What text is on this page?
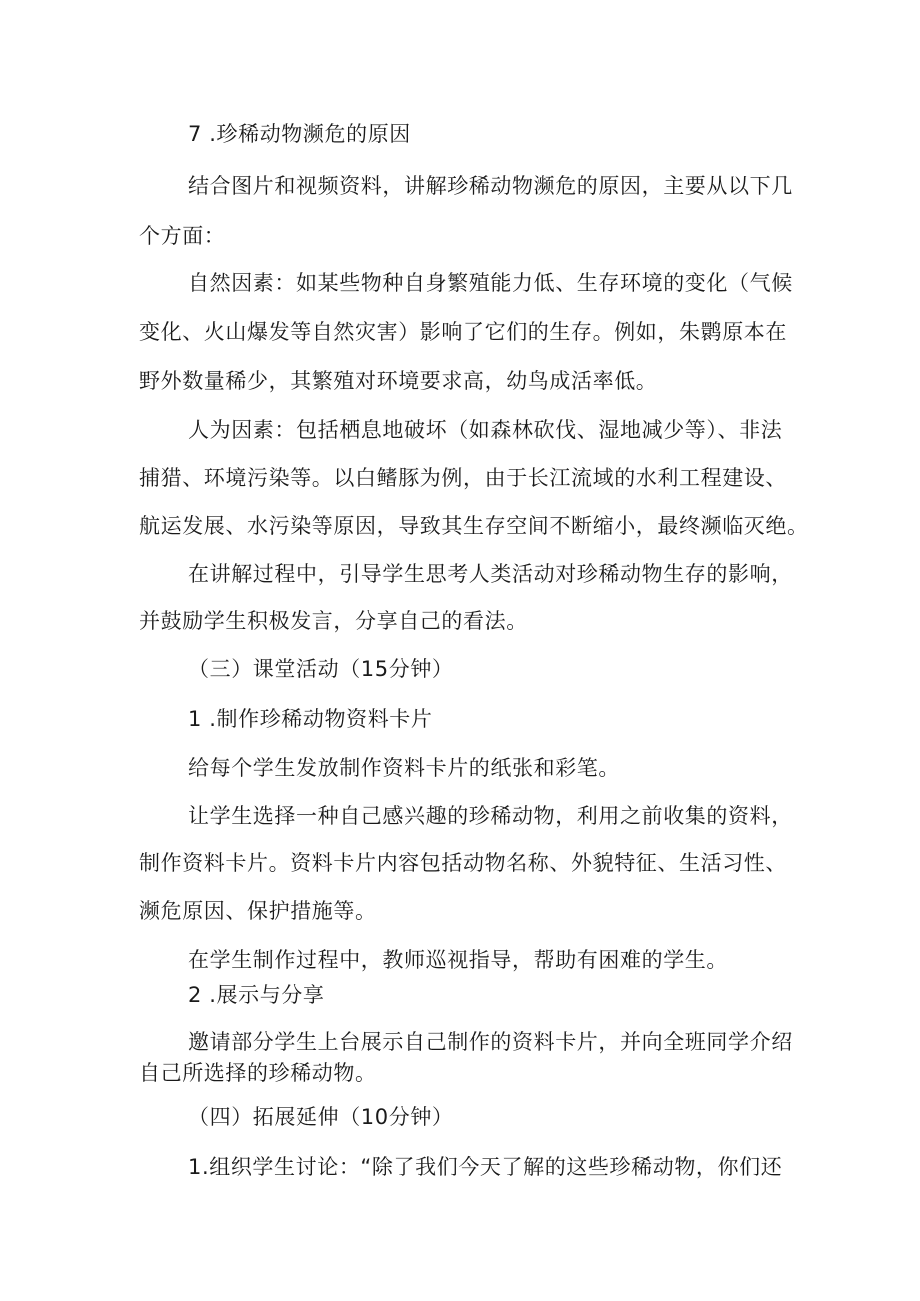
7 .珍稀动物濒危的原因
结合图片和视频资料，讲解珍稀动物濒危的原因，主要从以下几
个方面：
自然因素：如某些物种自身繁殖能力低、生存环境的变化（气候
变化、火山爆发等自然灾害）影响了它们的生存。例如，朱鹮原本在
野外数量稀少，其繁殖对环境要求高，幼鸟成活率低。
人为因素：包括栖息地破坏（如森林砍伐、湿地减少等）、非法
捕猎、环境污染等。以白鳍豚为例，由于长江流域的水利工程建设、
航运发展、水污染等原因，导致其生存空间不断缩小，最终濒临灭绝。
在讲解过程中，引导学生思考人类活动对珍稀动物生存的影响，
并鼓励学生积极发言，分享自己的看法。
（三）课堂活动（15分钟）
1 .制作珍稀动物资料卡片
给每个学生发放制作资料卡片的纸张和彩笔。
让学生选择一种自己感兴趣的珍稀动物，利用之前收集的资料，
制作资料卡片。资料卡片内容包括动物名称、外貌特征、生活习性、
濒危原因、保护措施等。
在学生制作过程中，教师巡视指导，帮助有困难的学生。
2 .展示与分享
邀请部分学生上台展示自己制作的资料卡片，并向全班同学介绍
自己所选择的珍稀动物。
（四）拓展延伸（10分钟）
1.组织学生讨论：“除了我们今天了解的这些珍稀动物，你们还
